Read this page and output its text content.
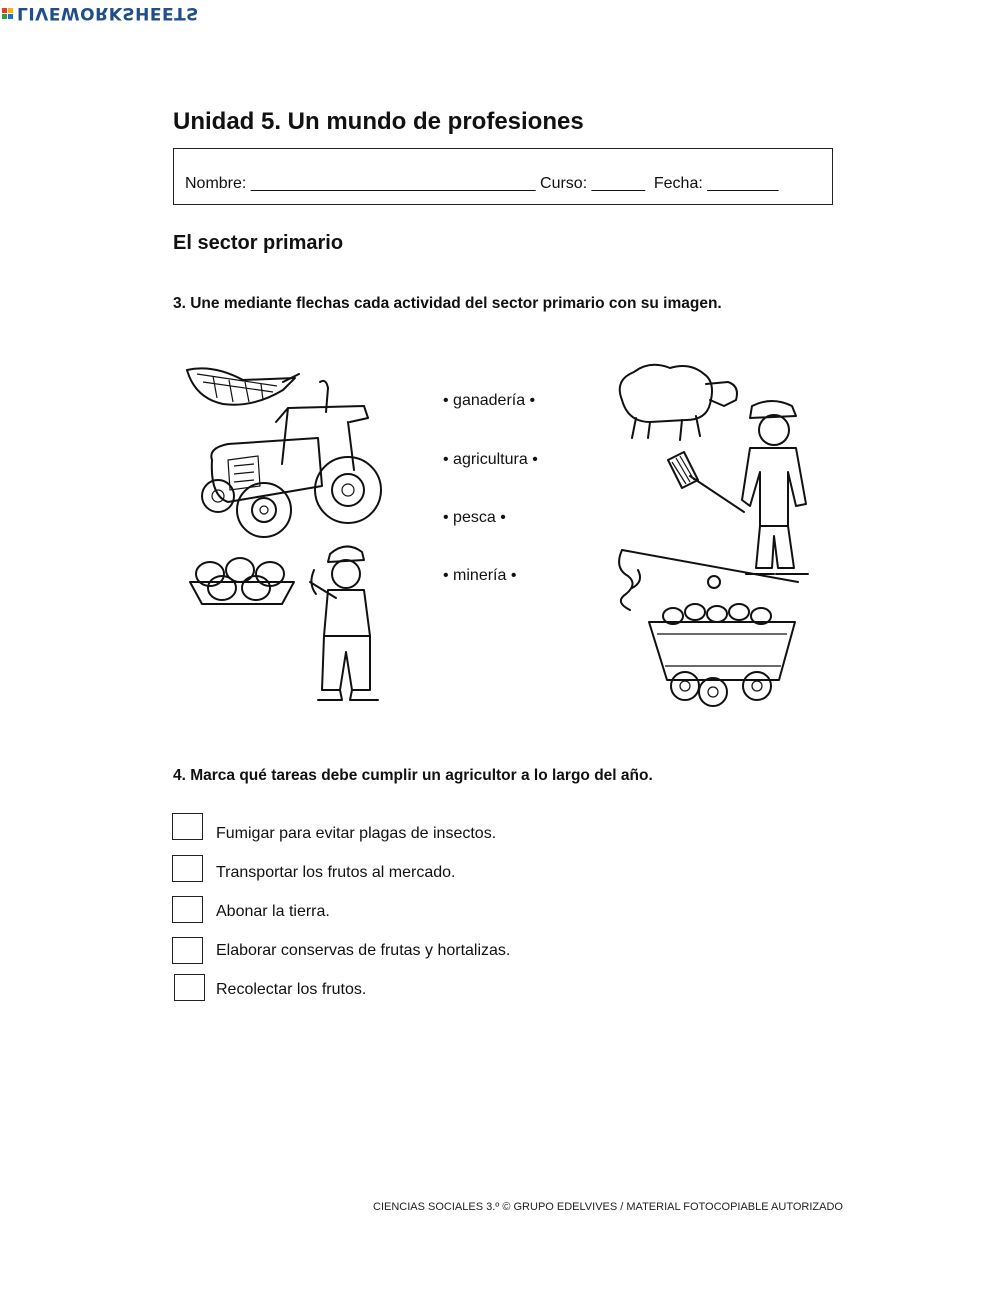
LIVEWORKSHEETS
Unidad 5. Un mundo de profesiones
Nombre: ________________________________ Curso: ______ Fecha: ________
El sector primario
3. Une mediante flechas cada actividad del sector primario con su imagen.
• ganadería •
• agricultura •
• pesca •
• minería •
4. Marca qué tareas debe cumplir un agricultor a lo largo del año.
Fumigar para evitar plagas de insectos.
Transportar los frutos al mercado.
Abonar la tierra.
Elaborar conservas de frutas y hortalizas.
Recolectar los frutos.
CIENCIAS SOCIALES 3.º © GRUPO EDELVIVES / MATERIAL FOTOCOPIABLE AUTORIZADO
